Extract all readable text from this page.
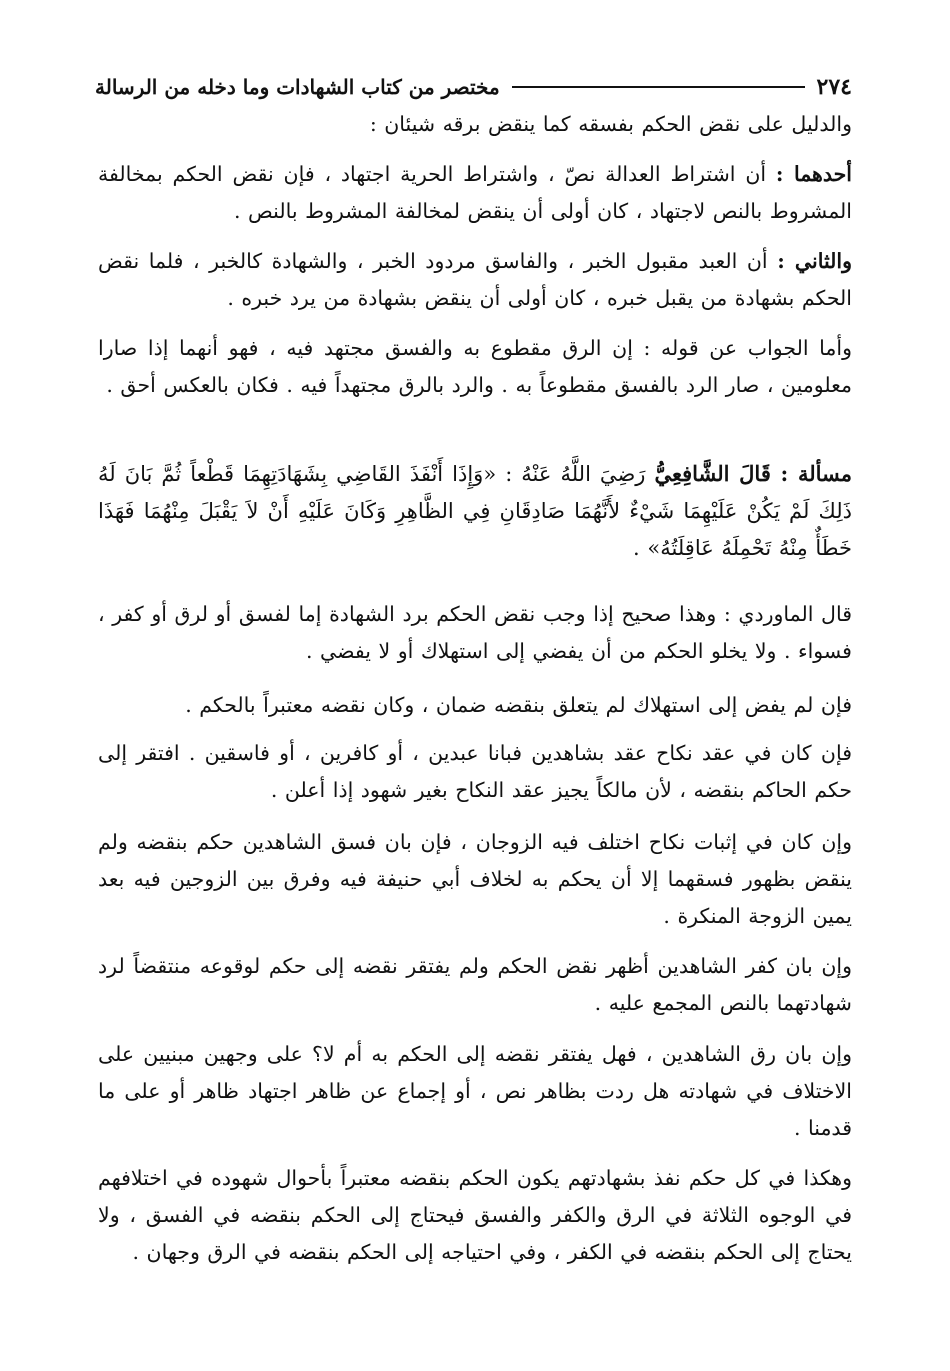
٢٧٤
مختصر من كتاب الشهادات وما دخله من الرسالة

والدليل على نقض الحكم بفسقه كما ينقض برقه شيئان :

أحدهما : أن اشتراط العدالة نصّ ، واشتراط الحرية اجتهاد ، فإن نقض الحكم بمخالفة المشروط بالنص لاجتهاد ، كان أولى أن ينقض لمخالفة المشروط بالنص .

والثاني : أن العبد مقبول الخبر ، والفاسق مردود الخبر ، والشهادة كالخبر ، فلما نقض الحكم بشهادة من يقبل خبره ، كان أولى أن ينقض بشهادة من يرد خبره .

وأما الجواب عن قوله : إن الرق مقطوع به والفسق مجتهد فيه ، فهو أنهما إذا صارا معلومين ، صار الرد بالفسق مقطوعاً به . والرد بالرق مجتهداً فيه . فكان بالعكس أحق .

مسألة : قَالَ الشَّافِعِيُّ رَضِيَ اللَّهُ عَنْهُ : «وَإِذَا أَنْفَذَ القَاضِي بِشَهَادَتِهِمَا قَطْعاً ثُمَّ بَانَ لَهُ ذَلِكَ لَمْ يَكُنْ عَلَيْهِمَا شَيْءٌ لأَنَّهُمَا صَادِقَانِ فِي الظَّاهِرِ وَكَانَ عَلَيْهِ أَنْ لاَ يَقْبَلَ مِنْهُمَا فَهَذَا خَطَأٌ مِنْهُ تَحْمِلَهُ عَاقِلَتُهُ» .

قال الماوردي : وهذا صحيح إذا وجب نقض الحكم برد الشهادة إما لفسق أو لرق أو كفر ، فسواء . ولا يخلو الحكم من أن يفضي إلى استهلاك أو لا يفضي .

فإن لم يفض إلى استهلاك لم يتعلق بنقضه ضمان ، وكان نقضه معتبراً بالحكم .

فإن كان في عقد نكاح عقد بشاهدين فبانا عبدين ، أو كافرين ، أو فاسقين . افتقر إلى حكم الحاكم بنقضه ، لأن مالكاً يجيز عقد النكاح بغير شهود إذا أعلن .

وإن كان في إثبات نكاح اختلف فيه الزوجان ، فإن بان فسق الشاهدين حكم بنقضه ولم ينقض بظهور فسقهما إلا أن يحكم به لخلاف أبي حنيفة فيه وفرق بين الزوجين فيه بعد يمين الزوجة المنكرة .

وإن بان كفر الشاهدين أظهر نقض الحكم ولم يفتقر نقضه إلى حكم لوقوعه منتقضاً لرد شهادتهما بالنص المجمع عليه .

وإن بان رق الشاهدين ، فهل يفتقر نقضه إلى الحكم به أم لا؟ على وجهين مبنيين على الاختلاف في شهادته هل ردت بظاهر نص ، أو إجماع عن ظاهر اجتهاد ظاهر أو على ما قدمنا .

وهكذا في كل حكم نفذ بشهادتهم يكون الحكم بنقضه معتبراً بأحوال شهوده في اختلافهم في الوجوه الثلاثة في الرق والكفر والفسق فيحتاج إلى الحكم بنقضه في الفسق ، ولا يحتاج إلى الحكم بنقضه في الكفر ، وفي احتياجه إلى الحكم بنقضه في الرق وجهان .
